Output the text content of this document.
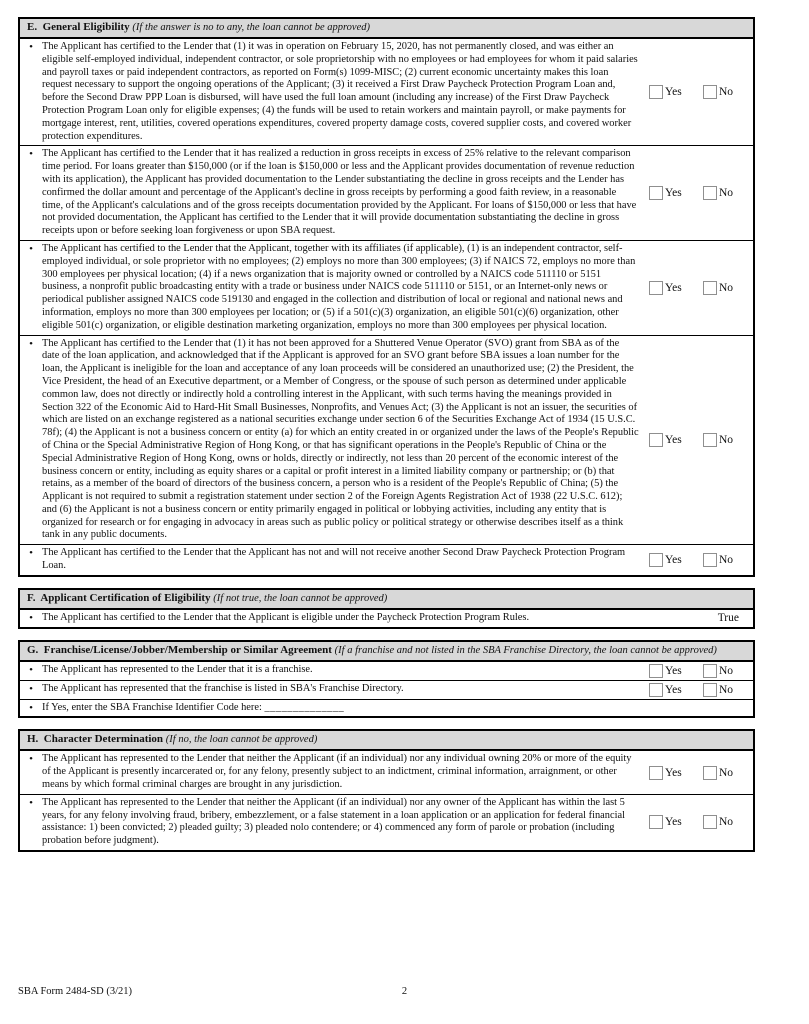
E.  General Eligibility (If the answer is no to any, the loan cannot be approved)
• The Applicant has certified to the Lender that (1) it was in operation on February 15, 2020, has not permanently closed, and was either an eligible self-employed individual, independent contractor, or sole proprietorship with no employees or had employees for whom it paid salaries and payroll taxes or paid independent contractors, as reported on Form(s) 1099-MISC; (2) current economic uncertainty makes this loan request necessary to support the ongoing operations of the Applicant; (3) it received a First Draw Paycheck Protection Program Loan and, before the Second Draw PPP Loan is disbursed, will have used the full loan amount (including any increase) of the First Draw Paycheck Protection Program Loan only for eligible expenses; (4) the funds will be used to retain workers and maintain payroll, or make payments for mortgage interest, rent, utilities, covered operations expenditures, covered property damage costs, covered supplier costs, and covered worker protection expenditures.
Yes	No
• The Applicant has certified to the Lender that it has realized a reduction in gross receipts in excess of 25% relative to the relevant comparison time period. For loans greater than $150,000 (or if the loan is $150,000 or less and the Applicant provides documentation of revenue reduction with its application), the Applicant has provided documentation to the Lender substantiating the decline in gross receipts and the Lender has confirmed the dollar amount and percentage of the Applicant's decline in gross receipts by performing a good faith review, in a reasonable time, of the Applicant's calculations and of the gross receipts documentation provided by the Applicant. For loans of $150,000 or less that have not provided documentation, the Applicant has certified to the Lender that it will provide documentation substantiating the decline in gross receipts upon or before seeking loan forgiveness or upon SBA request.
Yes	No
• The Applicant has certified to the Lender that the Applicant, together with its affiliates (if applicable), (1) is an independent contractor, self-employed individual, or sole proprietor with no employees; (2) employs no more than 300 employees; (3) if NAICS 72, employs no more than 300 employees per physical location; (4) if a news organization that is majority owned or controlled by a NAICS code 511110 or 5151 business, a nonprofit public broadcasting entity with a trade or business under NAICS code 511110 or 5151, or an Internet-only news or periodical publisher assigned NAICS code 519130 and engaged in the collection and distribution of local or regional and national news and information, employs no more than 300 employees per location; or (5) if a 501(c)(3) organization, an eligible 501(c)(6) organization, other eligible 501(c) organization, or eligible destination marketing organization, employs no more than 300 employees per physical location.
Yes	No
• The Applicant has certified to the Lender that (1) it has not been approved for a Shuttered Venue Operator (SVO) grant from SBA as of the date of the loan application, and acknowledged that if the Applicant is approved for an SVO grant before SBA issues a loan number for the loan, the Applicant is ineligible for the loan and acceptance of any loan proceeds will be considered an unauthorized use; (2) the President, the Vice President, the head of an Executive department, or a Member of Congress, or the spouse of such person as determined under applicable common law, does not directly or indirectly hold a controlling interest in the Applicant, with such terms having the meanings provided in Section 322 of the Economic Aid to Hard-Hit Small Businesses, Nonprofits, and Venues Act; (3) the Applicant is not an issuer, the securities of which are listed on an exchange registered as a national securities exchange under section 6 of the Securities Exchange Act of 1934 (15 U.S.C. 78f); (4) the Applicant is not a business concern or entity (a) for which an entity created in or organized under the laws of the People's Republic of China or the Special Administrative Region of Hong Kong, or that has significant operations in the People's Republic of China or the Special Administrative Region of Hong Kong, owns or holds, directly or indirectly, not less than 20 percent of the economic interest of the business concern or entity, including as equity shares or a capital or profit interest in a limited liability company or partnership; or (b) that retains, as a member of the board of directors of the business concern, a person who is a resident of the People's Republic of China; (5) the Applicant is not required to submit a registration statement under section 2 of the Foreign Agents Registration Act of 1938 (22 U.S.C. 612); and (6) the Applicant is not a business concern or entity primarily engaged in political or lobbying activities, including any entity that is organized for research or for engaging in advocacy in areas such as public policy or political strategy or otherwise describes itself as a think tank in any public documents.
Yes	No
• The Applicant has certified to the Lender that the Applicant has not and will not receive another Second Draw Paycheck Protection Program Loan.	Yes	No
F.  Applicant Certification of Eligibility (If not true, the loan cannot be approved)
• The Applicant has certified to the Lender that the Applicant is eligible under the Paycheck Protection Program Rules.	True
G.  Franchise/License/Jobber/Membership or Similar Agreement (If a franchise and not listed in the SBA Franchise Directory, the loan cannot be approved)
• The Applicant has represented to the Lender that it is a franchise.	Yes	No
• The Applicant has represented that the franchise is listed in SBA's Franchise Directory.	Yes	No
• If Yes, enter the SBA Franchise Identifier Code here: ______________
H.  Character Determination (If no, the loan cannot be approved)
• The Applicant has represented to the Lender that neither the Applicant (if an individual) nor any individual owning 20% or more of the equity of the Applicant is presently incarcerated or, for any felony, presently subject to an indictment, criminal information, arraignment, or other means by which formal criminal charges are brought in any jurisdiction.
Yes	No
• The Applicant has represented to the Lender that neither the Applicant (if an individual) nor any owner of the Applicant has within the last 5 years, for any felony involving fraud, bribery, embezzlement, or a false statement in a loan application or an application for federal financial assistance: 1) been convicted; 2) pleaded guilty; 3) pleaded nolo contendere; or 4) commenced any form of parole or probation (including probation before judgment).
Yes	No
SBA Form 2484-SD (3/21)	2
